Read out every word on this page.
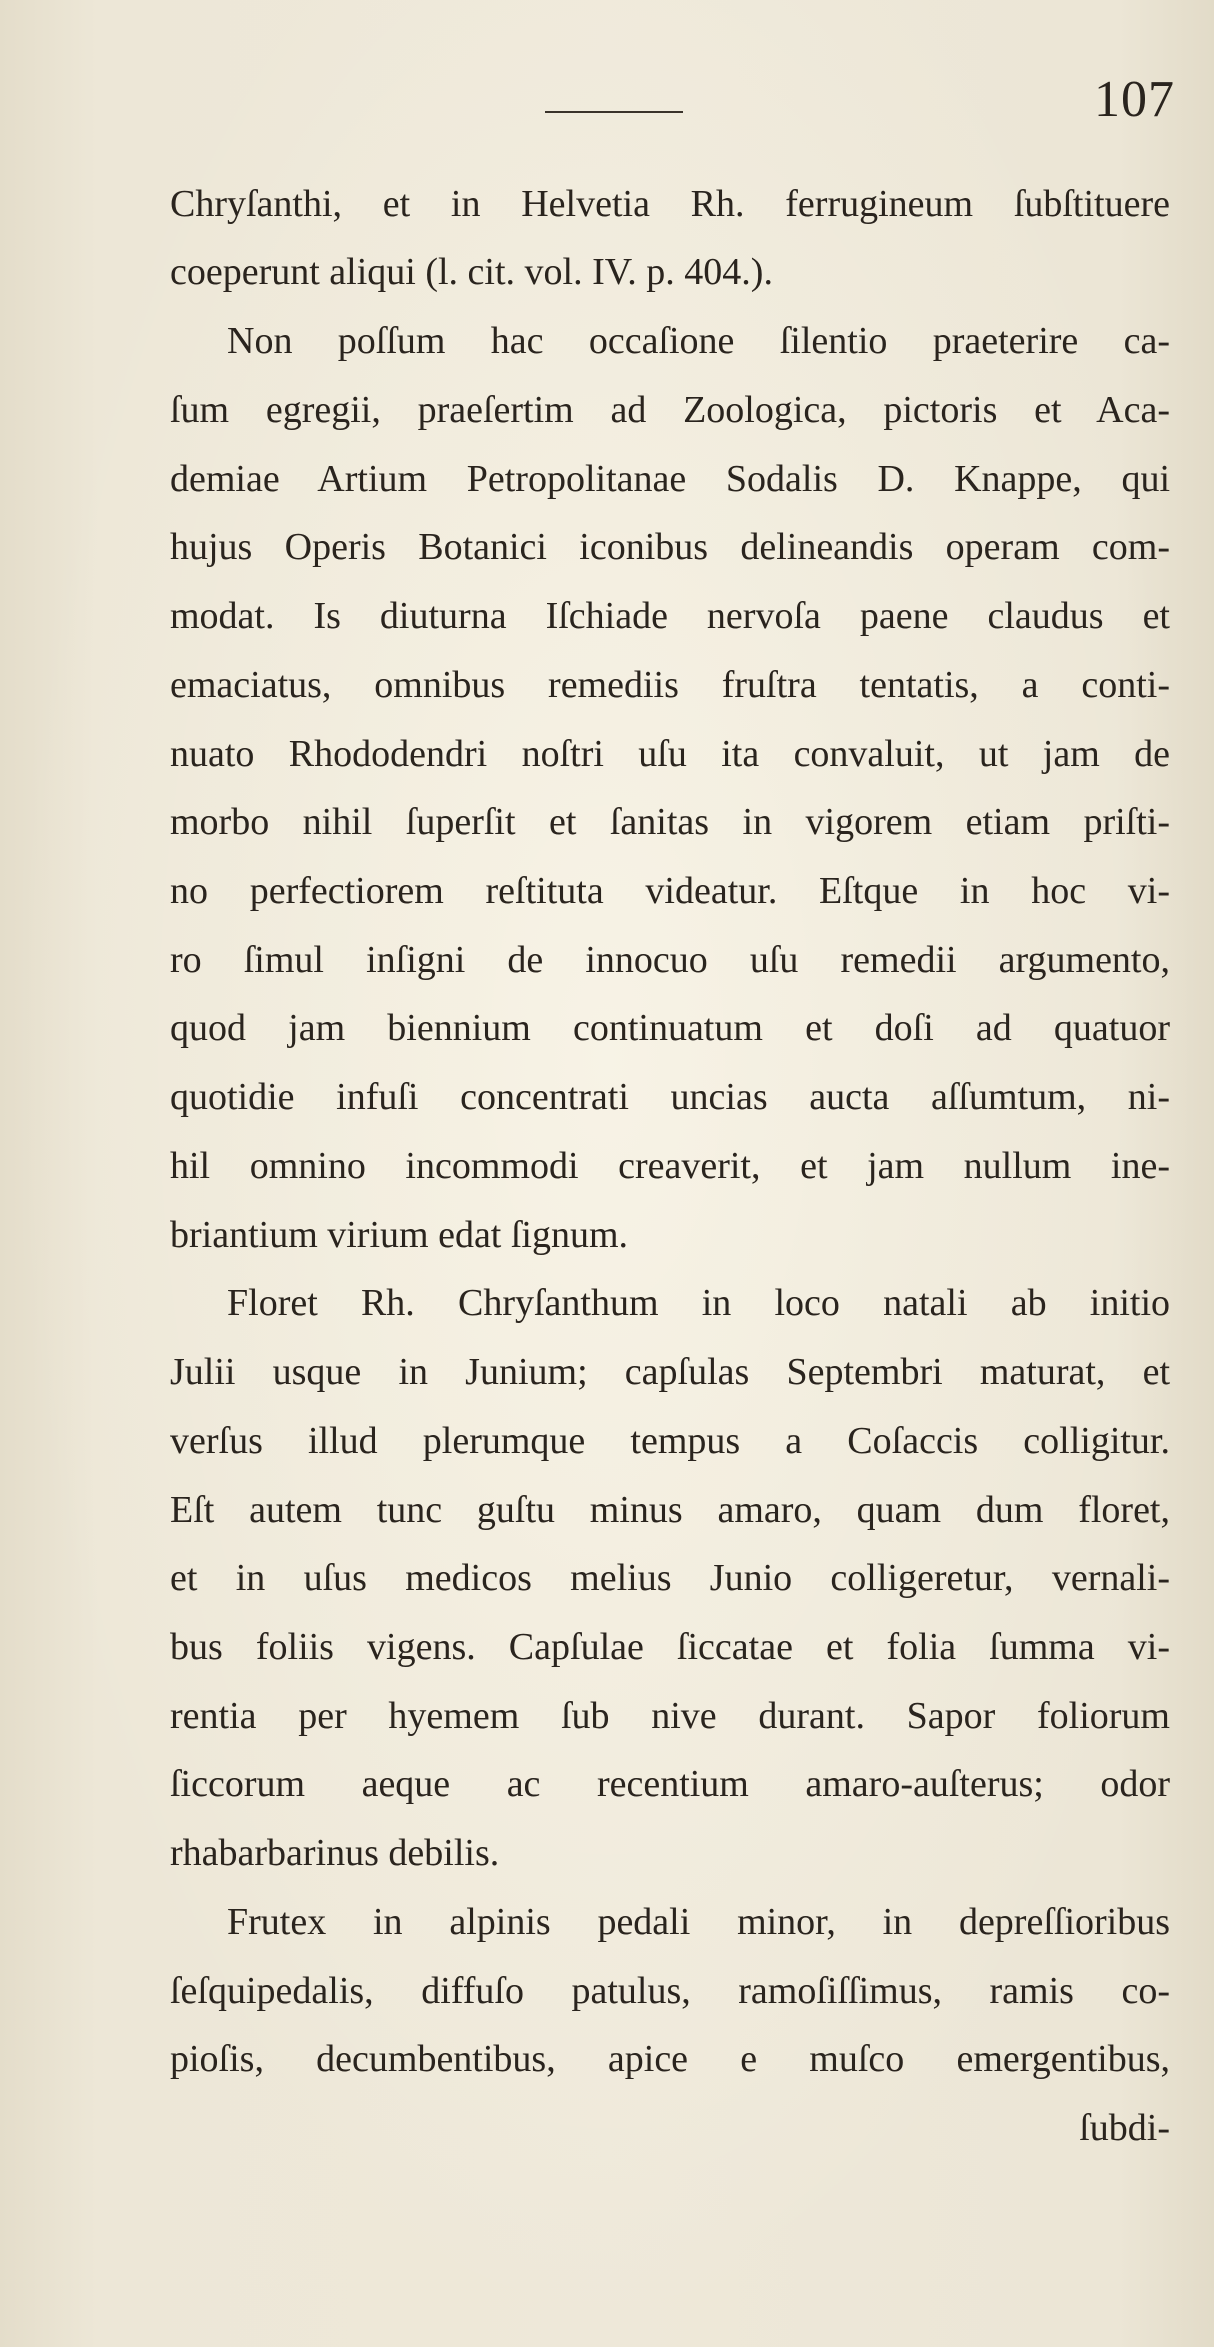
107
Chryſanthi, et in Helvetia Rh. ferrugineum ſubſtituere
coeperunt aliqui (l. cit. vol. IV. p. 404.).
Non poſſum hac occaſione ſilentio praeterire ca-
ſum egregii, praeſertim ad Zoologica, pictoris et Aca-
demiae Artium Petropolitanae Sodalis D. Knappe, qui
hujus Operis Botanici iconibus delineandis operam com-
modat. Is diuturna Iſchiade nervoſa paene claudus et
emaciatus, omnibus remediis fruſtra tentatis, a conti-
nuato Rhododendri noſtri uſu ita convaluit, ut jam de
morbo nihil ſuperſit et ſanitas in vigorem etiam priſti-
no perfectiorem reſtituta videatur. Eſtque in hoc vi-
ro ſimul inſigni de innocuo uſu remedii argumento,
quod jam biennium continuatum et doſi ad quatuor
quotidie infuſi concentrati uncias aucta aſſumtum, ni-
hil omnino incommodi creaverit, et jam nullum ine-
briantium virium edat ſignum.
Floret Rh. Chryſanthum in loco natali ab initio
Julii usque in Junium; capſulas Septembri maturat, et
verſus illud plerumque tempus a Coſaccis colligitur.
Eſt autem tunc guſtu minus amaro, quam dum floret,
et in uſus medicos melius Junio colligeretur, vernali-
bus foliis vigens. Capſulae ſiccatae et folia ſumma vi-
rentia per hyemem ſub nive durant. Sapor foliorum
ſiccorum aeque ac recentium amaro-auſterus; odor
rhabarbarinus debilis.
Frutex in alpinis pedali minor, in depreſſioribus
ſeſquipedalis, diffuſo patulus, ramoſiſſimus, ramis co-
pioſis, decumbentibus, apice e muſco emergentibus,
ſubdi-
